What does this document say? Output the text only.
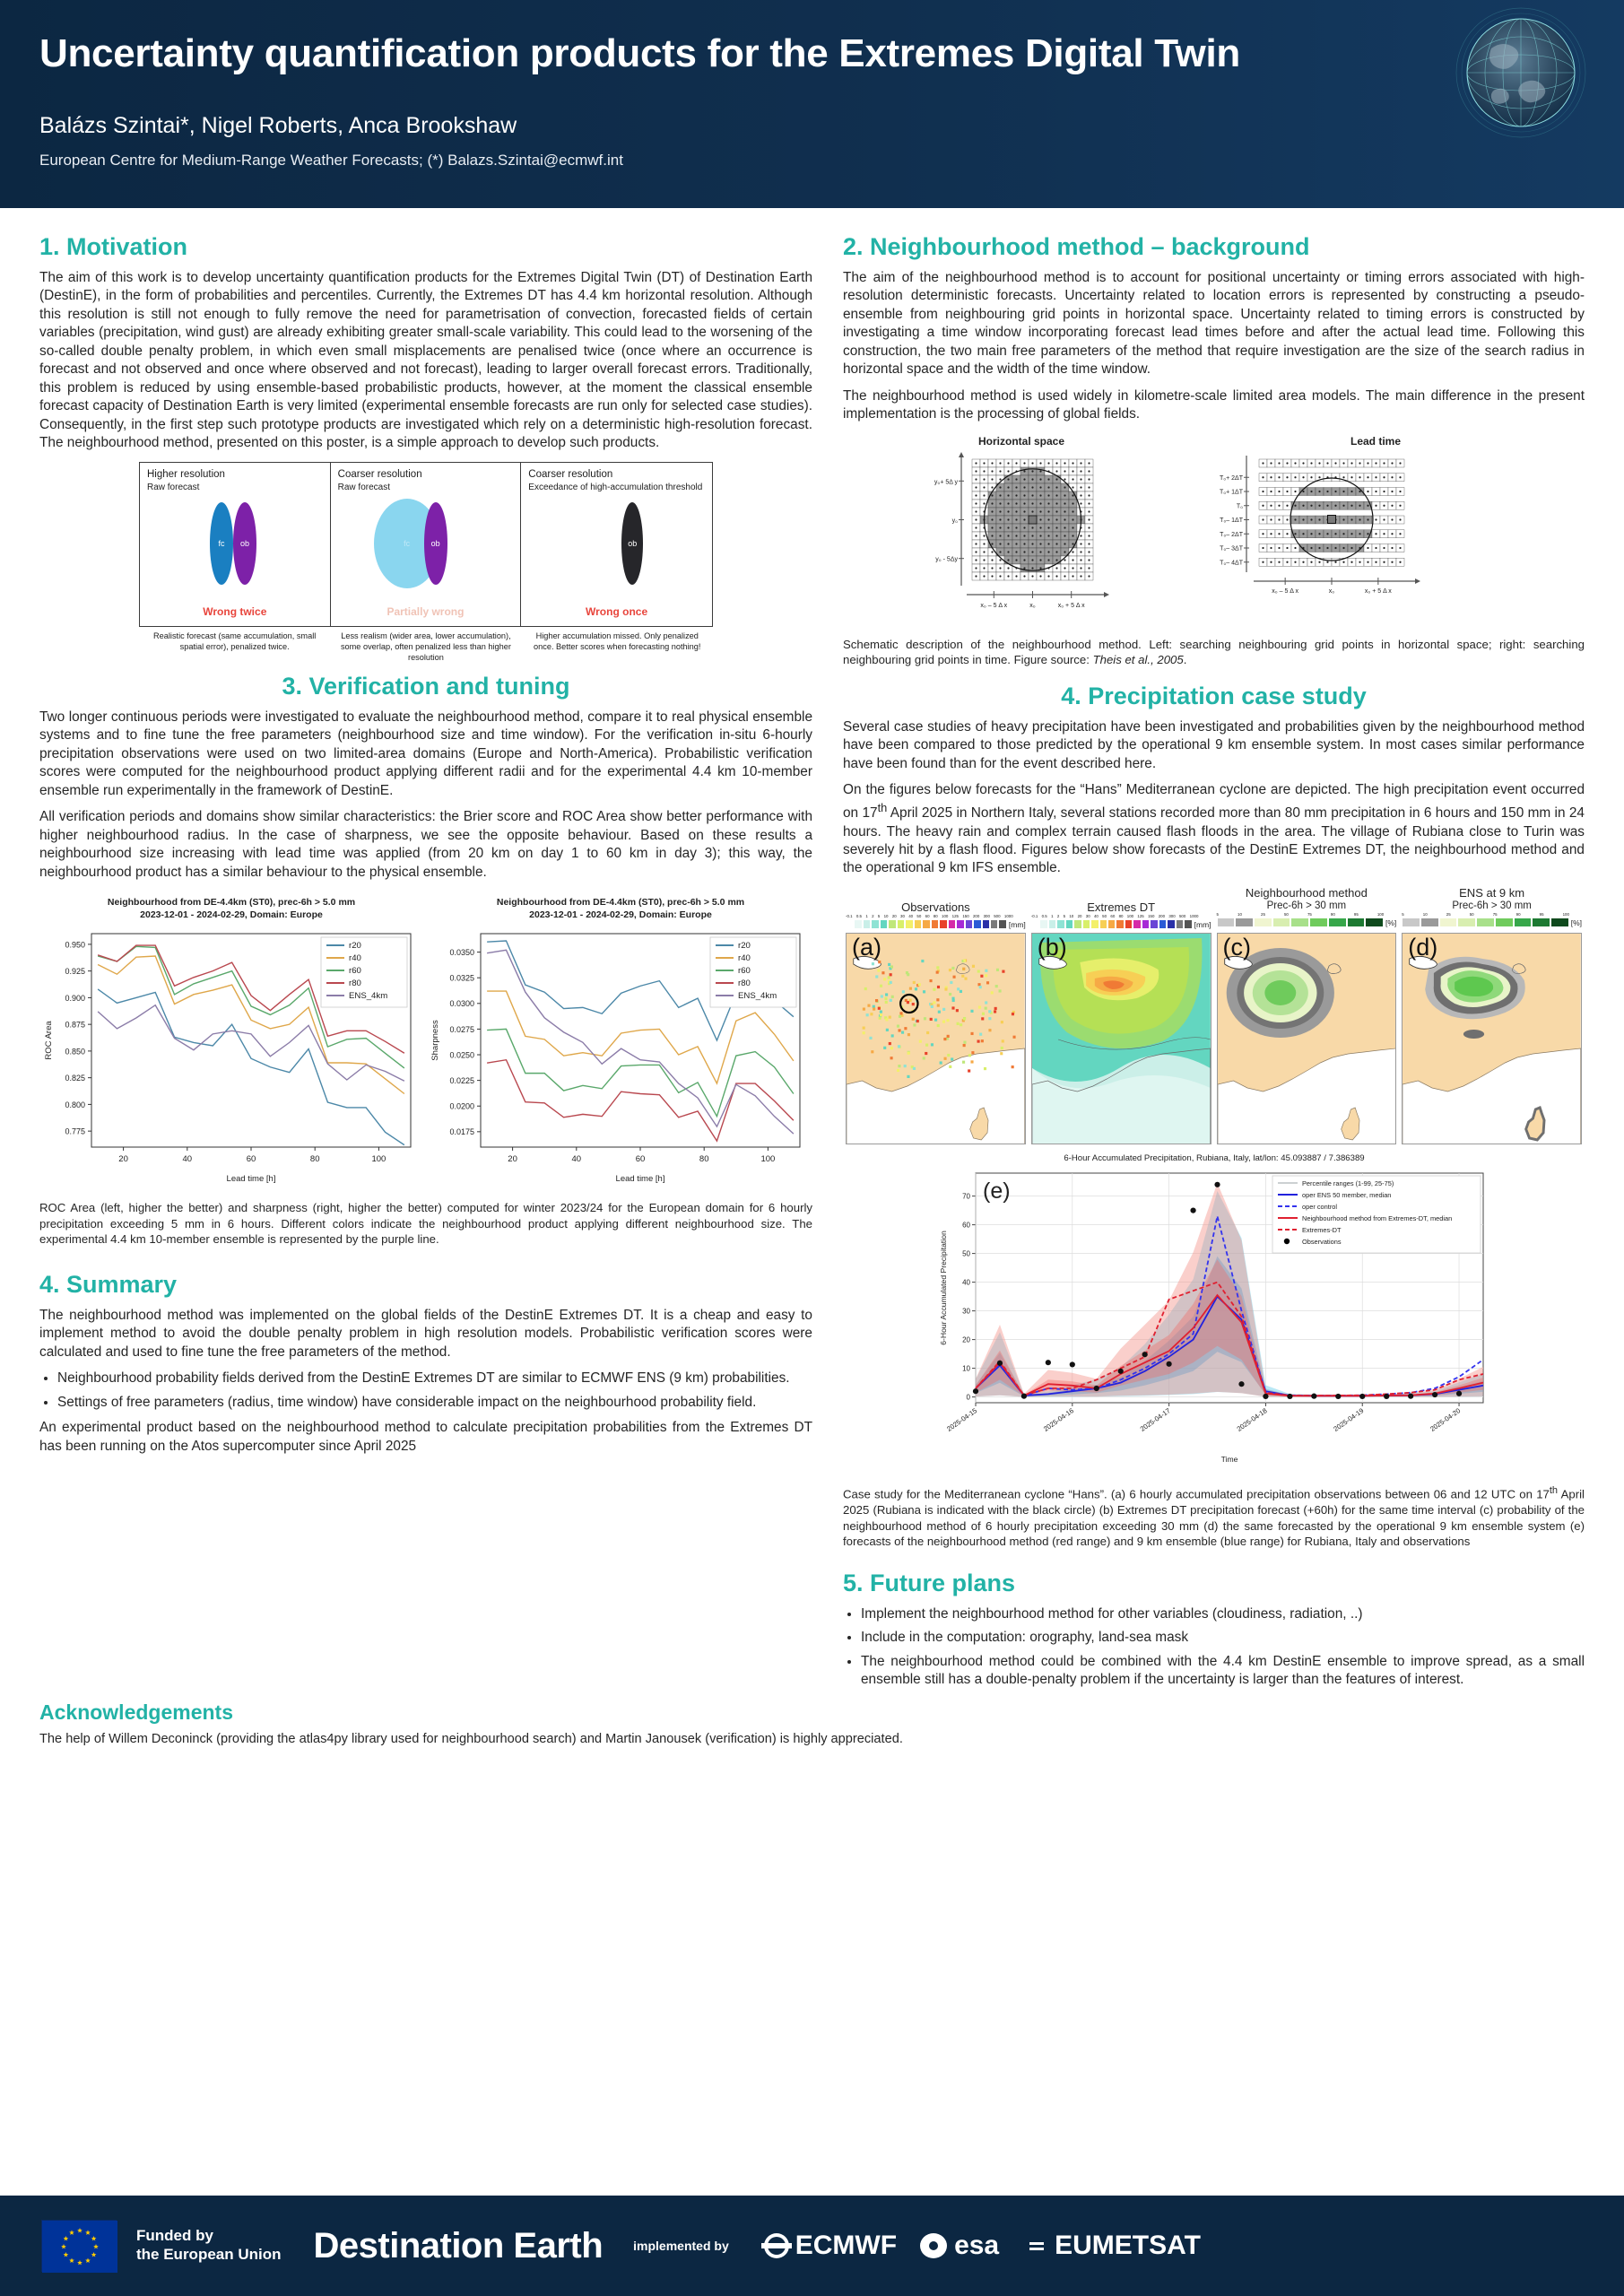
Uncertainty quantification products for the Extremes Digital Twin
Balázs Szintai*, Nigel Roberts, Anca Brookshaw
European Centre for Medium-Range Weather Forecasts; (*) Balazs.Szintai@ecmwf.int
1. Motivation

The aim of this work is to develop uncertainty quantification products for the Extremes Digital Twin (DT) of Destination Earth (DestinE), in the form of probabilities and percentiles. Currently, the Extremes DT has 4.4 km horizontal resolution. Although this resolution is still not enough to fully remove the need for parametrisation of convection, forecasted fields of certain variables (precipitation, wind gust) are already exhibiting greater small-scale variability. This could lead to the worsening of the so-called double penalty problem, in which even small misplacements are penalised twice (once where an occurrence is forecast and not observed and once where observed and not forecast), leading to larger overall forecast errors. Traditionally, this problem is reduced by using ensemble-based probabilistic products, however, at the moment the classical ensemble forecast capacity of Destination Earth is very limited (experimental ensemble forecasts are run only for selected case studies). Consequently, in the first step such prototype products are investigated which rely on a deterministic high-resolution forecast. The neighbourhood method, presented on this poster, is a simple approach to develop such products.

Higher resolution
Raw forecast
fc	ob
Wrong twice
Coarser resolution
Raw forecast
fc	ob
Partially wrong
Coarser resolution
Exceedance of high-accumulation threshold
ob
Wrong once
Realistic forecast (same accumulation, small spatial error), penalized twice.
Less realism (wider area, lower accumulation), some overlap, often penalized less than higher resolution
Higher accumulation missed. Only penalized once. Better scores when forecasting nothing!
3. Verification and tuning

Two longer continuous periods were investigated to evaluate the neighbourhood method, compare it to real physical ensemble systems and to fine tune the free parameters (neighbourhood size and time window). For the verification in-situ 6-hourly precipitation observations were used on two limited-area domains (Europe and North-America). Probabilistic verification scores were computed for the neighbourhood product applying different radii and for the experimental 4.4 km 10-member ensemble run experimentally in the framework of DestinE.

All verification periods and domains show similar characteristics: the Brier score and ROC Area show better performance with higher neighbourhood radius. In the case of sharpness, we see the opposite behaviour. Based on these results a neighbourhood size increasing with lead time was applied (from 20 km on day 1 to 60 km in day 3); this way, the neighbourhood product has a similar behaviour to the physical ensemble.

Neighbourhood from DE-4.4km (ST0), prec-6h > 5.0 mm
2023-12-01 - 2024-02-29, Domain: Europe
0.775
0.800
0.825
0.850
0.875
0.900
0.925
0.950
20	40	60	80	100
Lead time [h]
ROC Area
r20
r40
r60
r80
ENS_4km
Neighbourhood from DE-4.4km (ST0), prec-6h > 5.0 mm
2023-12-01 - 2024-02-29, Domain: Europe
0.0175
0.0200
0.0225
0.0250
0.0275
0.0300
0.0325
0.0350
20	40	60	80	100
Lead time [h]
Sharpness
r20
r40
r60
r80
ENS_4km

ROC Area (left, higher the better) and sharpness (right, higher the better) computed for winter 2023/24 for the European domain for 6 hourly precipitation exceeding 5 mm in 6 hours. Different colors indicate the neighbourhood product applying different neighbourhood size. The experimental 4.4 km 10-member ensemble is represented by the purple line.

4. Summary

The neighbourhood method was implemented on the global fields of the DestinE Extremes DT. It is a cheap and easy to implement method to avoid the double penalty problem in high resolution models. Probabilistic verification scores were calculated and used to fine tune the free parameters of the method.

• Neighbourhood probability fields derived from the DestinE Extremes DT are similar to ECMWF ENS (9 km) probabilities.
• Settings of free parameters (radius, time window) have considerable impact on the neighbourhood probability field.

An experimental product based on the neighbourhood method to calculate precipitation probabilities from the Extremes DT has been running on the Atos supercomputer since April 2025

2. Neighbourhood method – background

The aim of the neighbourhood method is to account for positional uncertainty or timing errors associated with high-resolution deterministic forecasts. Uncertainty related to location errors is represented by constructing a pseudo-ensemble from neighbouring grid points in horizontal space. Uncertainty related to timing errors is constructed by investigating a time window incorporating forecast lead times before and after the actual lead time. Following this construction, the two main free parameters of the method that require investigation are the size of the search radius in horizontal space and the width of the time window.

The neighbourhood method is used widely in kilometre-scale limited area models. The main difference in the present implementation is the processing of global fields.

Horizontal space	Lead time
y₀+ 5Δ y
y₀
y₀ - 5Δy
x₀ – 5 Δ x	x₀	x₀ + 5 Δ x
T₀+ 2ΔT
T₀+ 1ΔT
T₀
T₀– 1ΔT
T₀– 2ΔT
T₀– 3ΔT
T₀– 4ΔT
x₀ – 5 Δ x	x₀	x₀ + 5 Δ x

Schematic description of the neighbourhood method. Left: searching neighbouring grid points in horizontal space; right: searching neighbouring grid points in time. Figure source: Theis et al., 2005.

4. Precipitation case study

Several case studies of heavy precipitation have been investigated and probabilities given by the neighbourhood method have been compared to those predicted by the operational 9 km ensemble system. In most cases similar performance have been found than for the event described here.

On the figures below forecasts for the “Hans” Mediterranean cyclone are depicted. The high precipitation event occurred on 17th April 2025 in Northern Italy, several stations recorded more than 80 mm precipitation in 6 hours and 150 mm in 24 hours. The heavy rain and complex terrain caused flash floods in the area. The village of Rubiana close to Turin was severely hit by a flash flood. Figures below show forecasts of the DestinE Extremes DT, the neighbourhood method and the operational 9 km IFS ensemble.

Observations
-0.1 0.5 1 2 5 10 20 30 40 50 60 80 100 125 150 200 300 500 1000
[mm]
Extremes DT
-0.1 0.5 1 2 5 10 20 30 40 50 60 80 100 125 150 200 300 500 1000
[mm]
Neighbourhood method
Prec-6h > 30 mm
5	10	25	50	75	90	95	100
[%]
ENS at 9 km
Prec-6h > 30 mm
5	10	25	50	75	90	95	100
[%]
(a)	(b)	(c)	(d)
6-Hour Accumulated Precipitation, Rubiana, Italy, lat/lon: 45.093887 / 7.386389
0
10
20
30
40
50
60
70
2025-04-15	2025-04-16	2025-04-17	2025-04-18	2025-04-19	2025-04-20
Time
6-Hour Accumulated Precipitation
(e)	Percentile ranges (1-99, 25-75)
oper ENS 50 member, median
oper control
Neighbourhood method from Extremes-DT, median
Extremes-DT
Observations

Case study for the Mediterranean cyclone “Hans”. (a) 6 hourly accumulated precipitation observations between 06 and 12 UTC on 17th April 2025 (Rubiana is indicated with the black circle) (b) Extremes DT precipitation forecast (+60h) for the same time interval (c) probability of the neighbourhood method of 6 hourly precipitation exceeding 30 mm (d) the same forecasted by the operational 9 km ensemble system (e) forecasts of the neighbourhood method (red range) and 9 km ensemble (blue range) for Rubiana, Italy and observations

5. Future plans
• Implement the neighbourhood method for other variables (cloudiness, radiation, ..)
• Include in the computation: orography, land-sea mask
• The neighbourhood method could be combined with the 4.4 km DestinE ensemble to improve spread, as a small ensemble still has a double-penalty problem if the uncertainty is larger than the features of interest.
Acknowledgements

The help of Willem Deconinck (providing the atlas4py library used for neighbourhood search) and Martin Janousek (verification) is highly appreciated.

Funded by
the European Union Destination Earth implemented by ECMWF esa EUMETSAT
